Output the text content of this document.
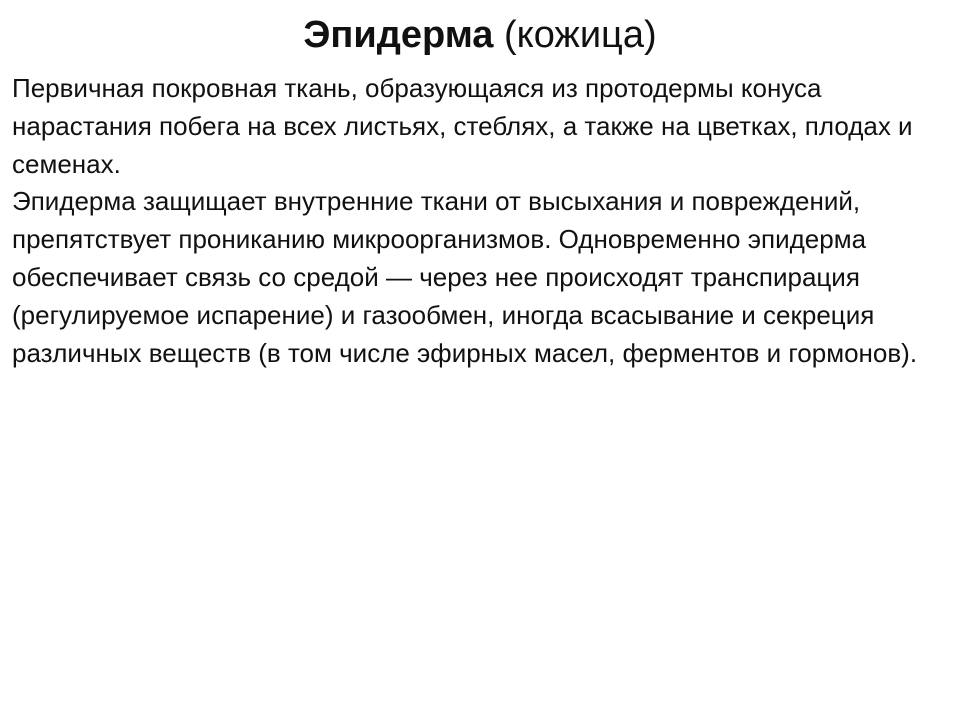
Эпидерма (кожица)

Первичная покровная ткань, образующаяся из протодермы конуса нарастания побега на всех листьях, стеблях, а также на цветках, плодах и семенах.

Эпидерма защищает внутренние ткани от высыхания и повреждений, препятствует прониканию микроорганизмов. Одновременно эпидерма обеспечивает связь со средой — через нее происходят транспирация (регулируемое испарение) и газообмен, иногда всасывание и секреция различных веществ (в том числе эфирных масел, ферментов и гормонов).
